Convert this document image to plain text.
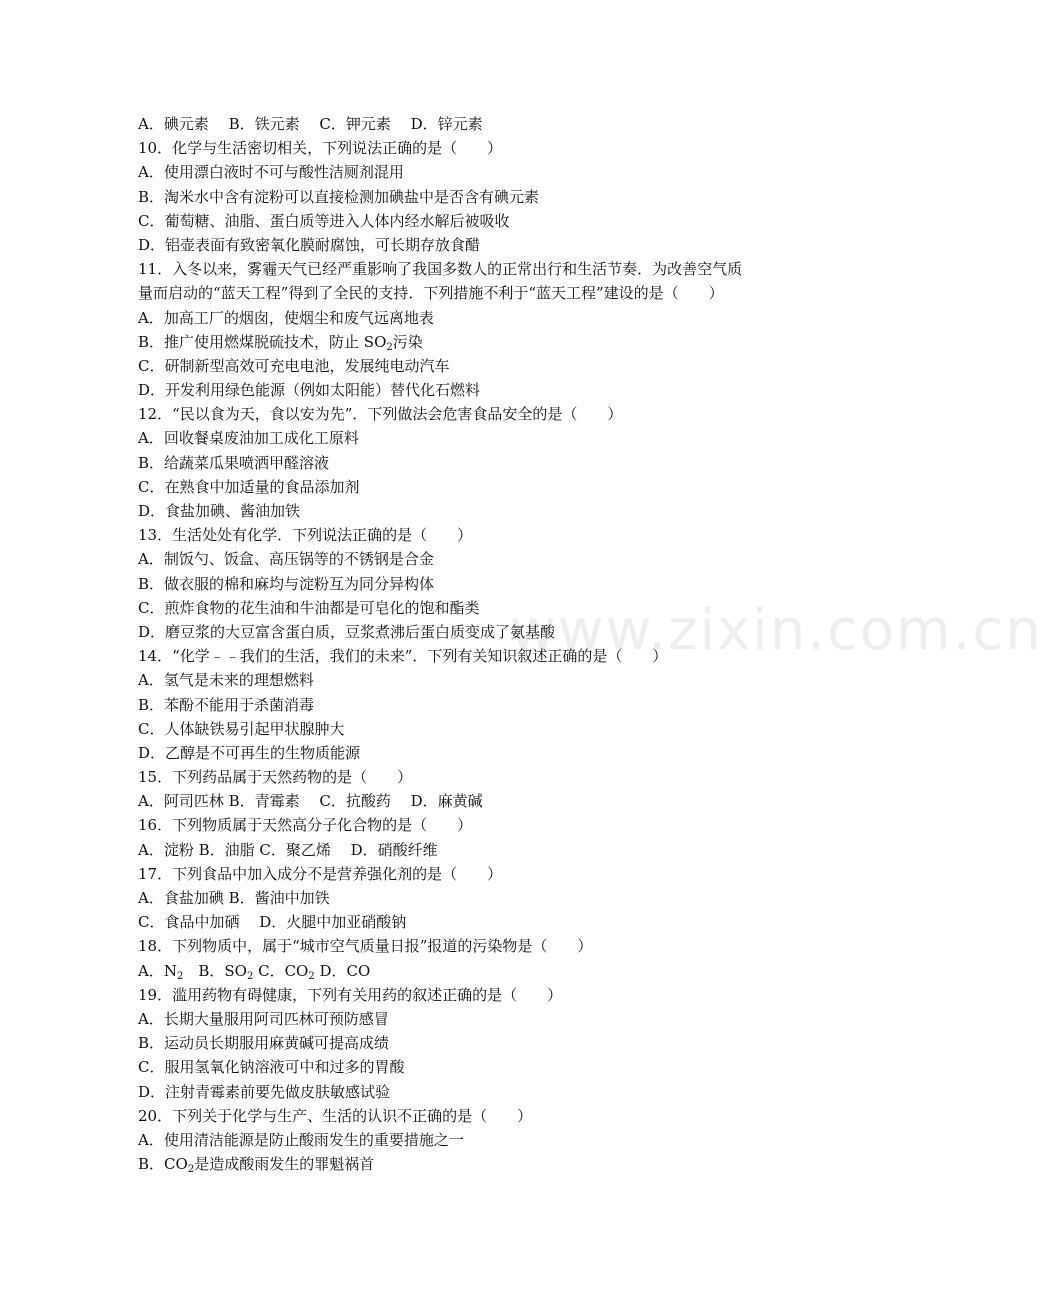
www.zixin.com.cn

A．碘元素　 B．铁元素　 C．钾元素　 D．锌元素

10．化学与生活密切相关，下列说法正确的是（　　）

A．使用漂白液时不可与酸性洁厕剂混用

B．淘米水中含有淀粉可以直接检测加碘盐中是否含有碘元素

C．葡萄糖、油脂、蛋白质等进入人体内经水解后被吸收

D．铝壶表面有致密氧化膜耐腐蚀，可长期存放食醋

11．入冬以来，雾霾天气已经严重影响了我国多数人的正常出行和生活节奏．为改善空气质

量而启动的“蓝天工程”得到了全民的支持．下列措施不利于“蓝天工程”建设的是（　　）

A．加高工厂的烟囱，使烟尘和废气远离地表

B．推广使用燃煤脱硫技术，防止 $SO_2$污染

C．研制新型高效可充电电池，发展纯电动汽车

D．开发利用绿色能源（例如太阳能）替代化石燃料

12．“民以食为天，食以安为先”．下列做法会危害食品安全的是（　　）

A．回收餐桌废油加工成化工原料

B．给蔬菜瓜果喷洒甲醛溶液

C．在熟食中加适量的食品添加剂

D．食盐加碘、酱油加铁

13．生活处处有化学．下列说法正确的是（　　）

A．制饭勺、饭盒、高压锅等的不锈钢是合金

B．做衣服的棉和麻均与淀粉互为同分异构体

C．煎炸食物的花生油和牛油都是可皂化的饱和酯类

D．磨豆浆的大豆富含蛋白质，豆浆煮沸后蛋白质变成了氨基酸

14．“化学﹣﹣我们的生活，我们的未来”．下列有关知识叙述正确的是（　　）

A．氢气是未来的理想燃料

B．苯酚不能用于杀菌消毒

C．人体缺铁易引起甲状腺肿大

D．乙醇是不可再生的生物质能源

15．下列药品属于天然药物的是（　　）

A．阿司匹林 B．青霉素　 C．抗酸药　 D．麻黄碱

16．下列物质属于天然高分子化合物的是（　　）

A．淀粉 B．油脂 C．聚乙烯　 D．硝酸纤维

17．下列食品中加入成分不是营养强化剂的是（　　）

A．食盐加碘 B．酱油中加铁

C．食品中加硒　 D．火腿中加亚硝酸钠

18．下列物质中，属于“城市空气质量日报”报道的污染物是（　　）

A．$N_2$　B．$SO_2$ C．$CO_2$ D．CO

19．滥用药物有碍健康，下列有关用药的叙述正确的是（　　）

A．长期大量服用阿司匹林可预防感冒

B．运动员长期服用麻黄碱可提高成绩

C．服用氢氧化钠溶液可中和过多的胃酸

D．注射青霉素前要先做皮肤敏感试验

20．下列关于化学与生产、生活的认识不正确的是（　　）

A．使用清洁能源是防止酸雨发生的重要措施之一

B．$CO_2$是造成酸雨发生的罪魁祸首
